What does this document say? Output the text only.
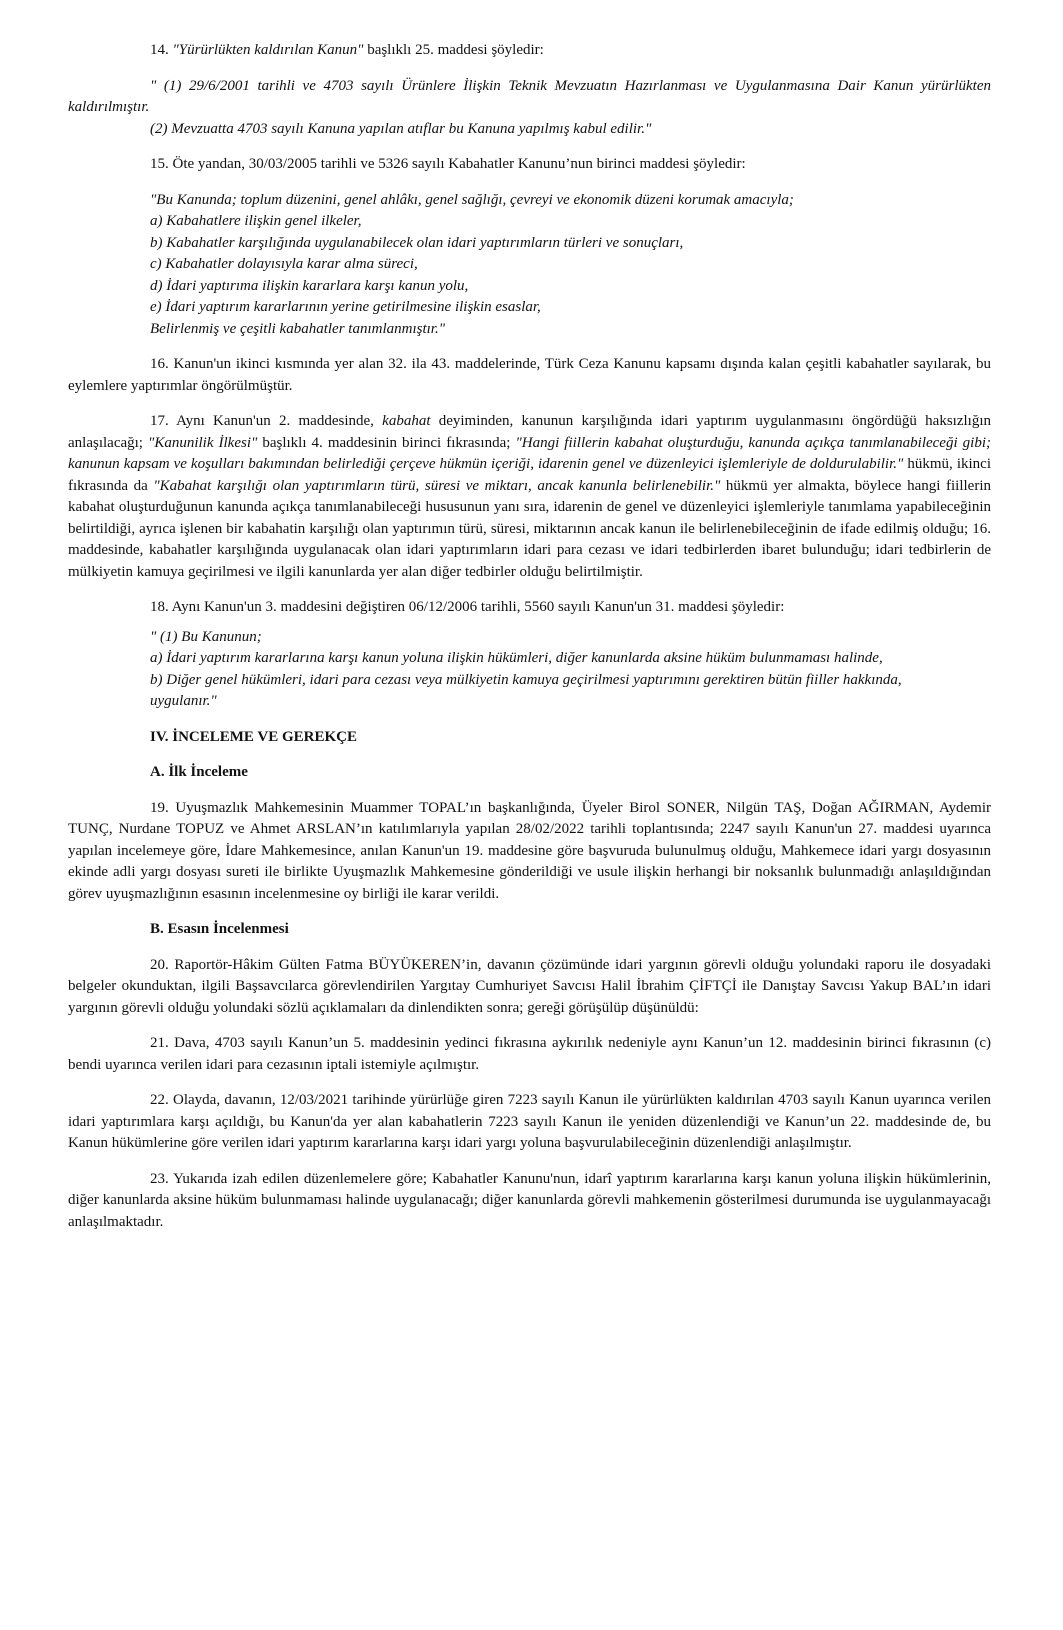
14. "Yürürlükten kaldırılan Kanun" başlıklı 25. maddesi şöyledir:

" (1) 29/6/2001 tarihli ve 4703 sayılı Ürünlere İlişkin Teknik Mevzuatın Hazırlanması ve Uygulanmasına Dair Kanun yürürlükten kaldırılmıştır.

(2) Mevzuatta 4703 sayılı Kanuna yapılan atıflar bu Kanuna yapılmış kabul edilir."

15. Öte yandan, 30/03/2005 tarihli ve 5326 sayılı Kabahatler Kanunu’nun birinci maddesi şöyledir:

"Bu Kanunda; toplum düzenini, genel ahlâkı, genel sağlığı, çevreyi ve ekonomik düzeni korumak amacıyla;

a) Kabahatlere ilişkin genel ilkeler,

b) Kabahatler karşılığında uygulanabilecek olan idari yaptırımların türleri ve sonuçları,

c) Kabahatler dolayısıyla karar alma süreci,

d) İdari yaptırıma ilişkin kararlara karşı kanun yolu,

e) İdari yaptırım kararlarının yerine getirilmesine ilişkin esaslar,

Belirlenmiş ve çeşitli kabahatler tanımlanmıştır."

16. Kanun'un ikinci kısmında yer alan 32. ila 43. maddelerinde, Türk Ceza Kanunu kapsamı dışında kalan çeşitli kabahatler sayılarak, bu eylemlere yaptırımlar öngörülmüştür.

17. Aynı Kanun'un 2. maddesinde, kabahat deyiminden, kanunun karşılığında idari yaptırım uygulanmasını öngördüğü haksızlığın anlaşılacağı; "Kanunilik İlkesi" başlıklı 4. maddesinin birinci fıkrasında; "Hangi fiillerin kabahat oluşturduğu, kanunda açıkça tanımlanabileceği gibi; kanunun kapsam ve koşulları bakımından belirlediği çerçeve hükmün içeriği, idarenin genel ve düzenleyici işlemleriyle de doldurulabilir." hükmü, ikinci fıkrasında da "Kabahat karşılığı olan yaptırımların türü, süresi ve miktarı, ancak kanunla belirlenebilir." hükmü yer almakta, böylece hangi fiillerin kabahat oluşturduğunun kanunda açıkça tanımlanabileceği hususunun yanı sıra, idarenin de genel ve düzenleyici işlemleriyle tanımlama yapabileceğinin belirtildiği, ayrıca işlenen bir kabahatin karşılığı olan yaptırımın türü, süresi, miktarının ancak kanun ile belirlenebileceğinin de ifade edilmiş olduğu; 16. maddesinde, kabahatler karşılığında uygulanacak olan idari yaptırımların idari para cezası ve idari tedbirlerden ibaret bulunduğu; idari tedbirlerin de mülkiyetin kamuya geçirilmesi ve ilgili kanunlarda yer alan diğer tedbirler olduğu belirtilmiştir.

18. Aynı Kanun'un 3. maddesini değiştiren 06/12/2006 tarihli, 5560 sayılı Kanun'un 31. maddesi şöyledir:

" (1) Bu Kanunun;

a) İdari yaptırım kararlarına karşı kanun yoluna ilişkin hükümleri, diğer kanunlarda aksine hüküm bulunmaması halinde,

b) Diğer genel hükümleri, idari para cezası veya mülkiyetin kamuya geçirilmesi yaptırımını gerektiren bütün fiiller hakkında,

uygulanır."

IV. İNCELEME VE GEREKÇE

A. İlk İnceleme

19. Uyuşmazlık Mahkemesinin Muammer TOPAL’ın başkanlığında, Üyeler Birol SONER, Nilgün TAŞ, Doğan AĞIRMAN, Aydemir TUNÇ, Nurdane TOPUZ ve Ahmet ARSLAN’ın katılımlarıyla yapılan 28/02/2022 tarihli toplantısında; 2247 sayılı Kanun'un 27. maddesi uyarınca yapılan incelemeye göre, İdare Mahkemesince, anılan Kanun'un 19. maddesine göre başvuruda bulunulmuş olduğu, Mahkemece idari yargı dosyasının ekinde adli yargı dosyası sureti ile birlikte Uyuşmazlık Mahkemesine gönderildiği ve usule ilişkin herhangi bir noksanlık bulunmadığı anlaşıldığından görev uyuşmazlığının esasının incelenmesine oy birliği ile karar verildi.

B. Esasın İncelenmesi

20. Raportör-Hâkim Gülten Fatma BÜYÜKEREN’in, davanın çözümünde idari yargının görevli olduğu yolundaki raporu ile dosyadaki belgeler okunduktan, ilgili Başsavcılarca görevlendirilen Yargıtay Cumhuriyet Savcısı Halil İbrahim ÇİFTÇİ ile Danıştay Savcısı Yakup BAL’ın idari yargının görevli olduğu yolundaki sözlü açıklamaları da dinlendikten sonra; gereği görüşülüp düşünüldü:

21. Dava, 4703 sayılı Kanun’un 5. maddesinin yedinci fıkrasına aykırılık nedeniyle aynı Kanun’un 12. maddesinin birinci fıkrasının (c) bendi uyarınca verilen idari para cezasının iptali istemiyle açılmıştır.

22. Olayda, davanın, 12/03/2021 tarihinde yürürlüğe giren 7223 sayılı Kanun ile yürürlükten kaldırılan 4703 sayılı Kanun uyarınca verilen idari yaptırımlara karşı açıldığı, bu Kanun'da yer alan kabahatlerin 7223 sayılı Kanun ile yeniden düzenlendiği ve Kanun’un 22. maddesinde de, bu Kanun hükümlerine göre verilen idari yaptırım kararlarına karşı idari yargı yoluna başvurulabileceğinin düzenlendiği anlaşılmıştır.

23. Yukarıda izah edilen düzenlemelere göre; Kabahatler Kanunu'nun, idarî yaptırım kararlarına karşı kanun yoluna ilişkin hükümlerinin, diğer kanunlarda aksine hüküm bulunmaması halinde uygulanacağı; diğer kanunlarda görevli mahkemenin gösterilmesi durumunda ise uygulanmayacağı anlaşılmaktadır.
